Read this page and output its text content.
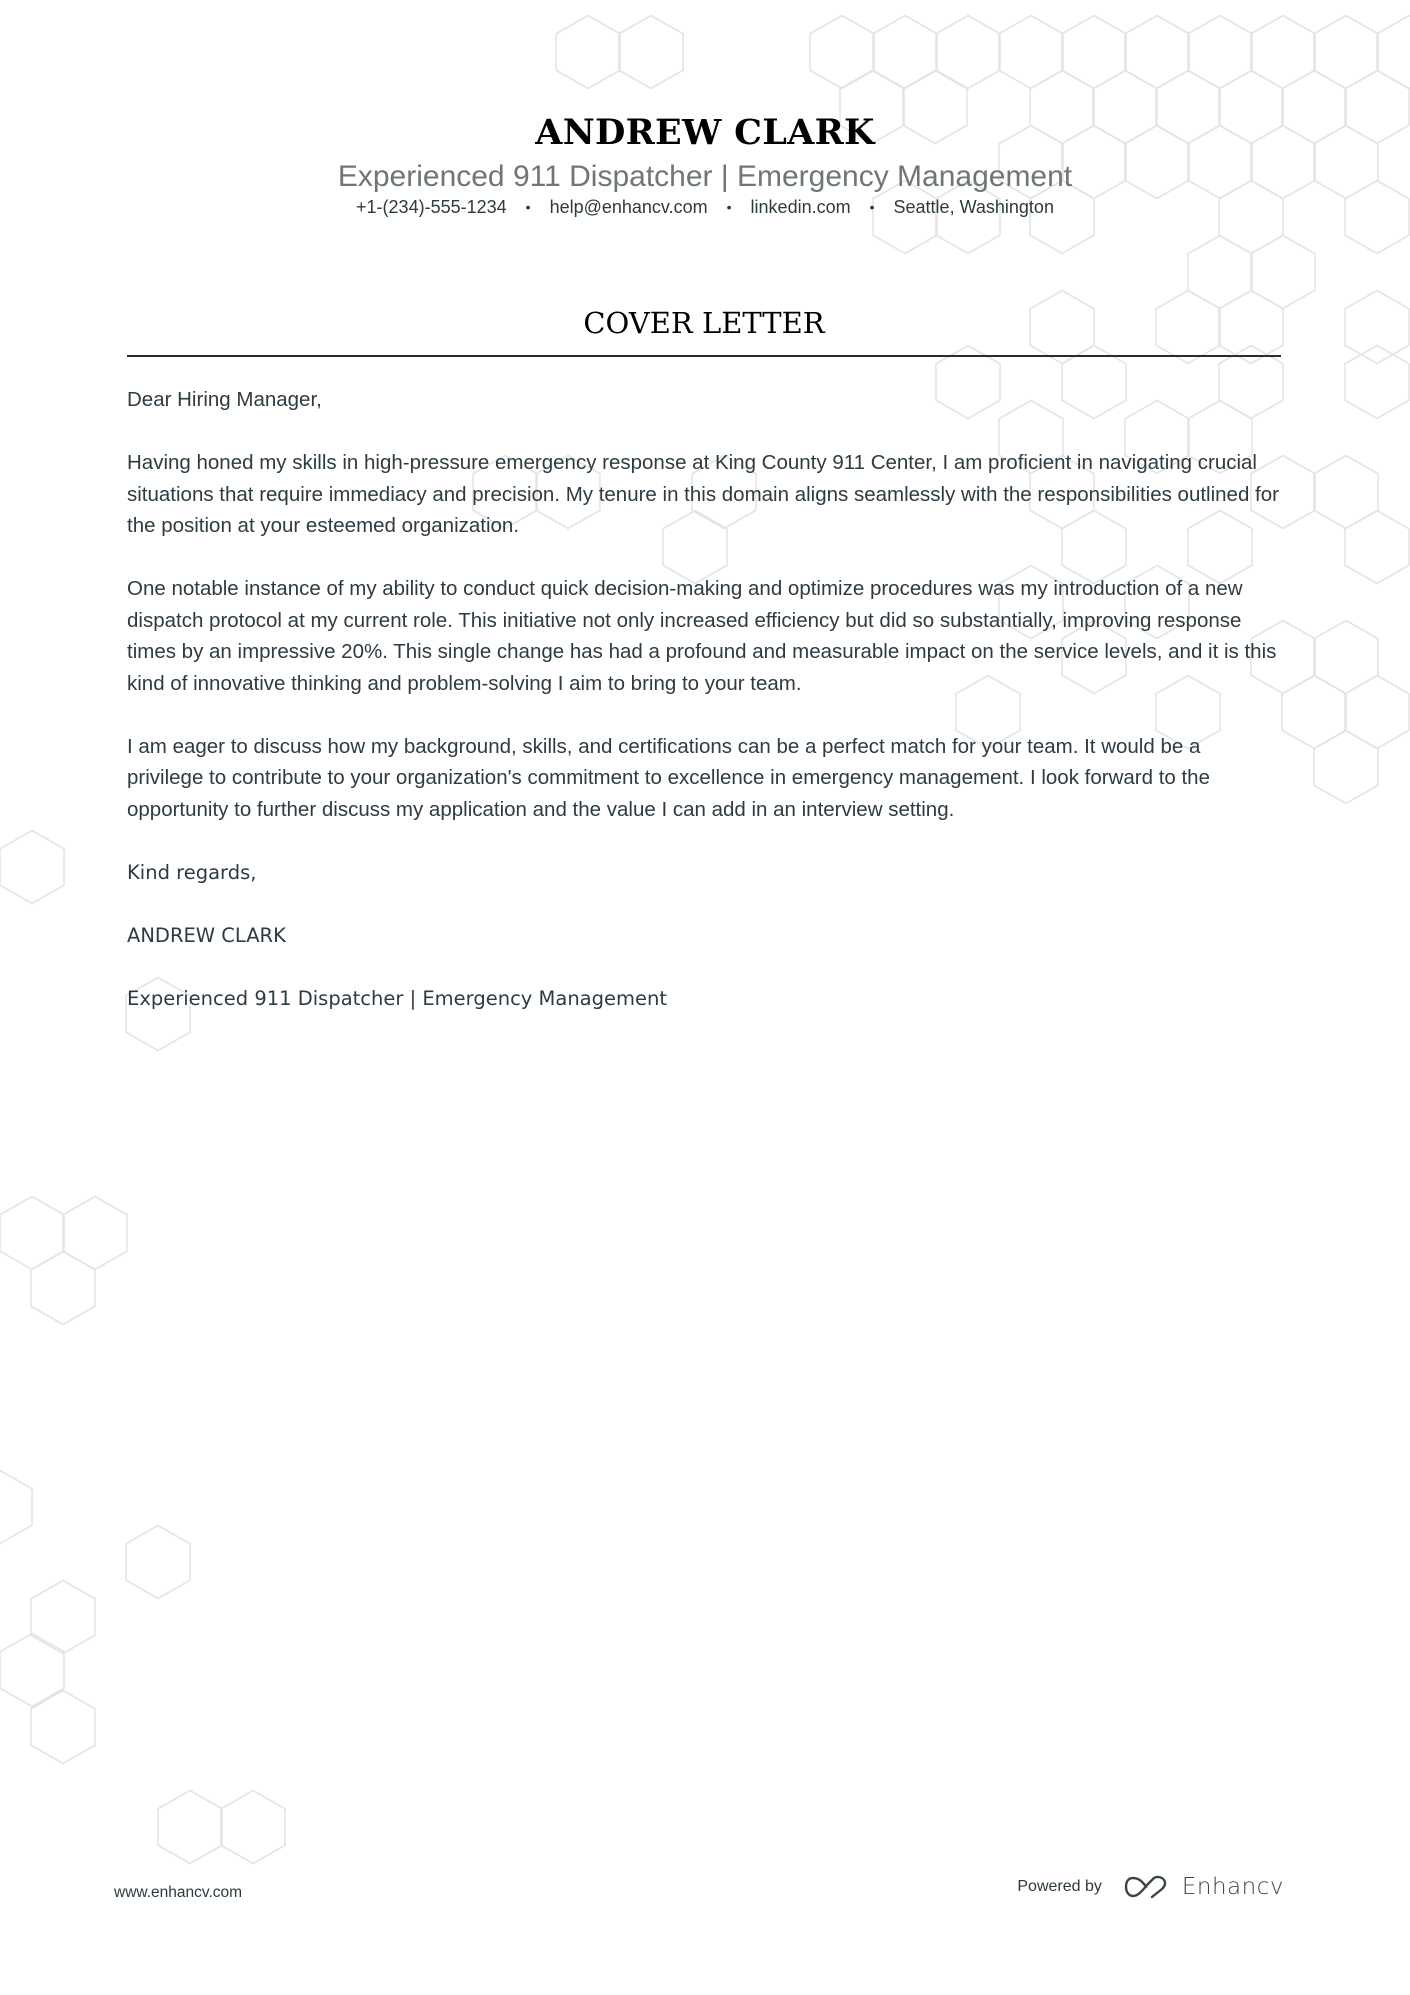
ANDREW CLARK
Experienced 911 Dispatcher | Emergency Management
+1-(234)-555-1234 • help@enhancv.com • linkedin.com • Seattle, Washington
COVER LETTER

Dear Hiring Manager,

Having honed my skills in high-pressure emergency response at King County 911 Center, I am proficient in navigating crucial situations that require immediacy and precision. My tenure in this domain aligns seamlessly with the responsibilities outlined for the position at your esteemed organization.

One notable instance of my ability to conduct quick decision-making and optimize procedures was my introduction of a new dispatch protocol at my current role. This initiative not only increased efficiency but did so substantially, improving response times by an impressive 20%. This single change has had a profound and measurable impact on the service levels, and it is this kind of innovative thinking and problem-solving I aim to bring to your team.

I am eager to discuss how my background, skills, and certifications can be a perfect match for your team. It would be a privilege to contribute to your organization's commitment to excellence in emergency management. I look forward to the opportunity to further discuss my application and the value I can add in an interview setting.

Kind regards,

ANDREW CLARK

Experienced 911 Dispatcher | Emergency Management

www.enhancv.com	Powered by	Enhancv
